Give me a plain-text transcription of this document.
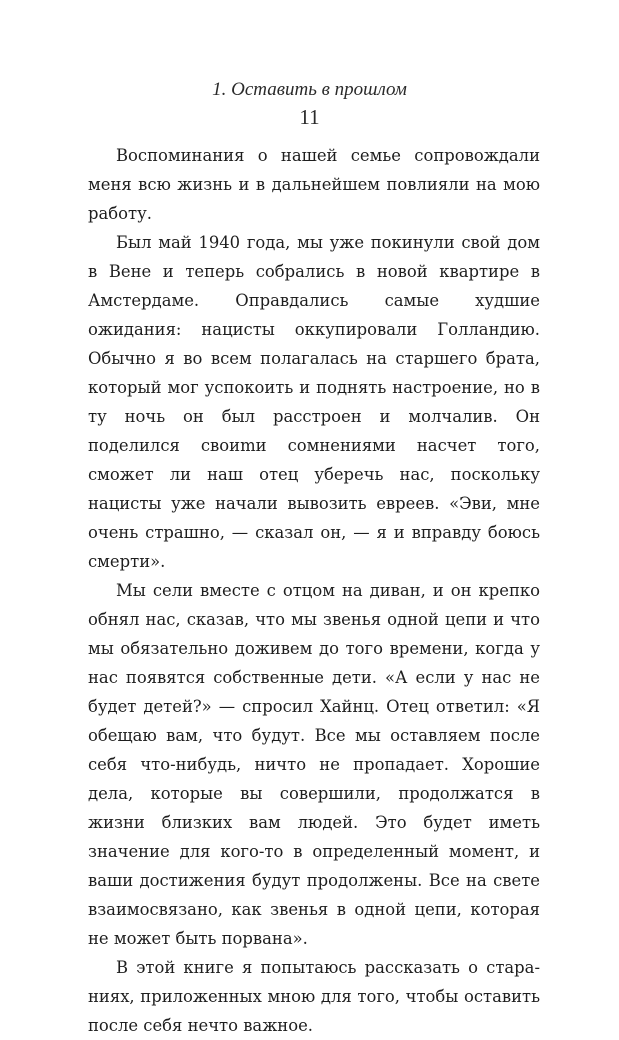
1. Оставить в прошлом
11

Воспоминания о нашей семье сопровождали меня всю жизнь и в дальнейшем повлияли на мою работу.

Был май 1940 года, мы уже покинули свой дом в Вене и теперь собрались в новой квартире в Амстердаме. Оправдались самые худшие ожидания: нацисты оккупировали Голландию. Обычно я во всем полагалась на старшего брата, который мог успокоить и поднять настроение, но в ту ночь он был расстроен и молчалив. Он поделился своиmи сомнениями насчет того, сможет ли наш отец уберечь нас, поскольку нацисты уже начали вывозить евреев. «Эви, мне очень страшно, — сказал он, — я и вправду боюсь смерти».

Мы сели вместе с отцом на диван, и он крепко обнял нас, сказав, что мы звенья одной цепи и что мы обязательно доживем до того времени, когда у нас появятся собственные дети. «А если у нас не будет детей?» — спросил Хайнц. Отец ответил: «Я обещаю вам, что будут. Все мы оставляем после себя что-нибудь, ничто не пропадает. Хорошие дела, которые вы совершили, продолжатся в жизни близких вам людей. Это будет иметь значение для кого-то в определенный момент, и ваши достижения будут продолжены. Все на свете взаимосвязано, как звенья в одной цепи, которая не может быть порвана».

В этой книге я попытаюсь рассказать о стараниях, приложенных мною для того, чтобы оставить после себя нечто важное.
